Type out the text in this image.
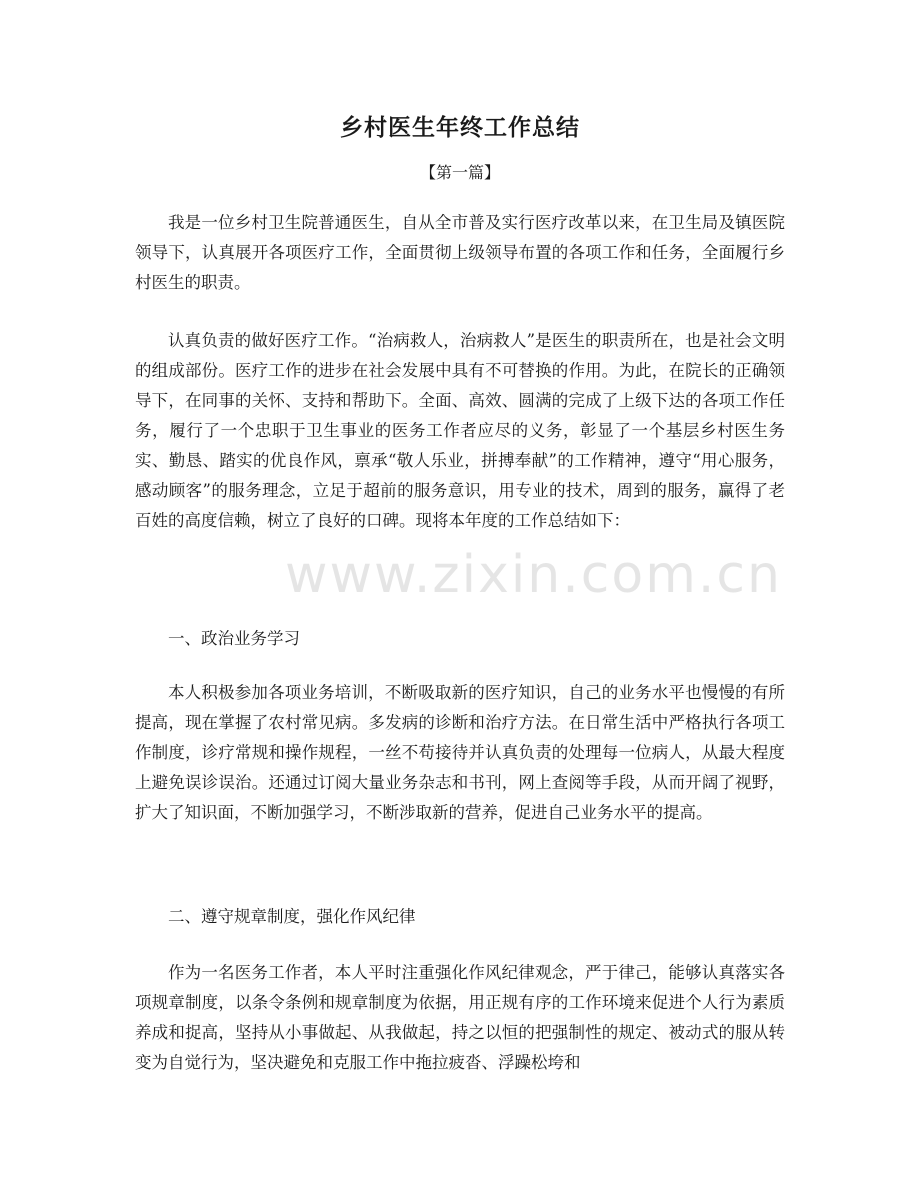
乡村医生年终工作总结
【第一篇】

我是一位乡村卫生院普通医生，自从全市普及实行医疗改革以来，在卫生局及镇医院领导下，认真展开各项医疗工作，全面贯彻上级领导布置的各项工作和任务，全面履行乡村医生的职责。

认真负责的做好医疗工作。“治病救人，治病救人”是医生的职责所在，也是社会文明的组成部份。医疗工作的进步在社会发展中具有不可替换的作用。为此，在院长的正确领导下，在同事的关怀、支持和帮助下。全面、高效、圆满的完成了上级下达的各项工作任务，履行了一个忠职于卫生事业的医务工作者应尽的义务，彰显了一个基层乡村医生务实、勤恳、踏实的优良作风，禀承“敬人乐业，拼搏奉献”的工作精神，遵守“用心服务，感动顾客”的服务理念，立足于超前的服务意识，用专业的技术，周到的服务，赢得了老百姓的高度信赖，树立了良好的口碑。现将本年度的工作总结如下：

一、政治业务学习

本人积极参加各项业务培训，不断吸取新的医疗知识，自己的业务水平也慢慢的有所提高，现在掌握了农村常见病。多发病的诊断和治疗方法。在日常生活中严格执行各项工作制度，诊疗常规和操作规程，一丝不苟接待并认真负责的处理每一位病人，从最大程度上避免误诊误治。还通过订阅大量业务杂志和书刊，网上查阅等手段，从而开阔了视野，扩大了知识面，不断加强学习，不断涉取新的营养，促进自己业务水平的提高。

二、遵守规章制度，强化作风纪律

作为一名医务工作者，本人平时注重强化作风纪律观念，严于律己，能够认真落实各项规章制度，以条令条例和规章制度为依据，用正规有序的工作环境来促进个人行为素质养成和捉高，坚持从小事做起、从我做起，持之以恒的把强制性的规定、被动式的服从转变为自觉行为，坚决避免和克服工作中拖拉疲沓、浮躁松垮和

www.zixin.com.cn
